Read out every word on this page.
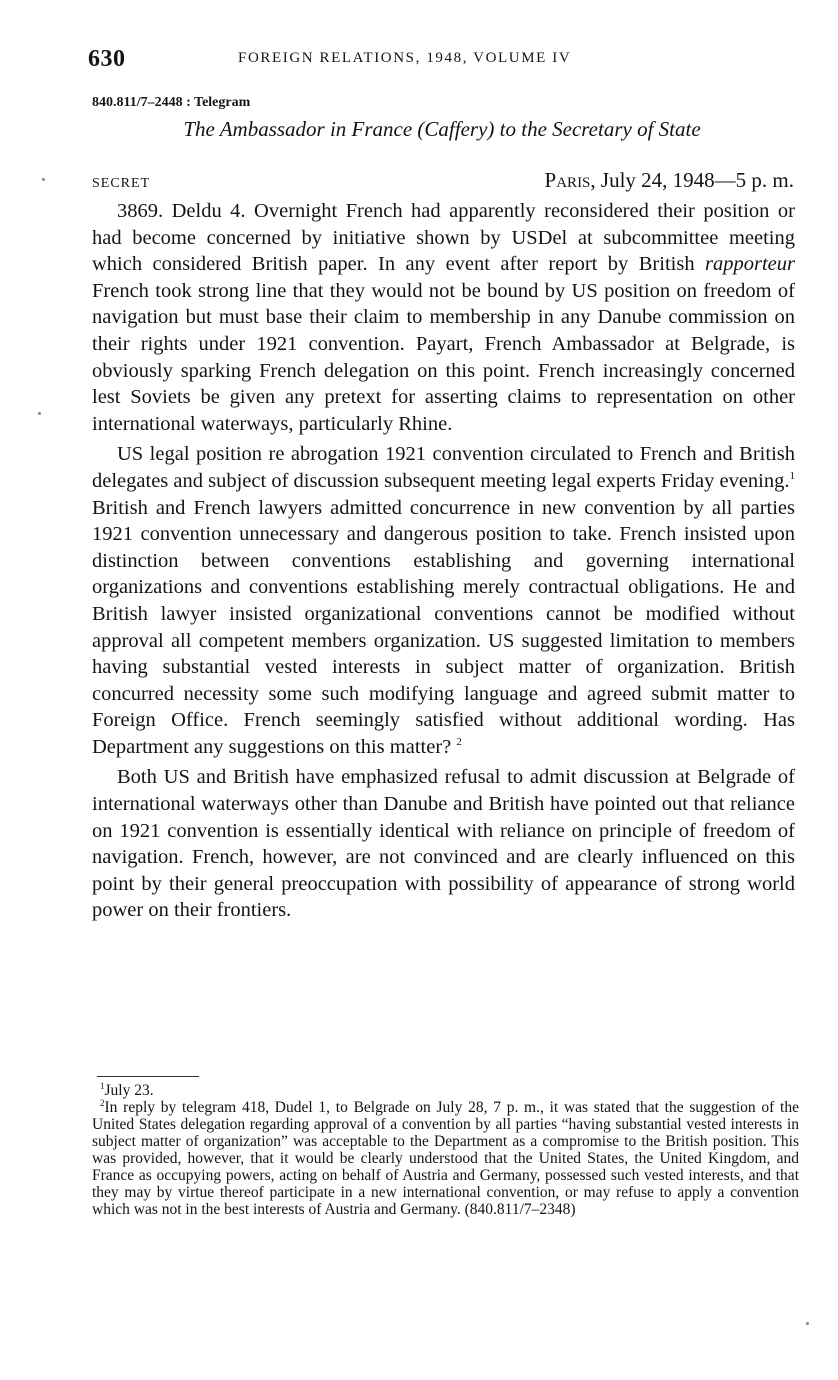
630	FOREIGN RELATIONS, 1948, VOLUME IV
840.811/7–2448 : Telegram
The Ambassador in France (Caffery) to the Secretary of State
SECRET	Paris, July 24, 1948—5 p. m.

3869. Deldu 4. Overnight French had apparently reconsidered their position or had become concerned by initiative shown by USDel at subcommittee meeting which considered British paper. In any event after report by British rapporteur French took strong line that they would not be bound by US position on freedom of navigation but must base their claim to membership in any Danube commission on their rights under 1921 convention. Payart, French Ambassador at Belgrade, is obviously sparking French delegation on this point. French increasingly concerned lest Soviets be given any pretext for asserting claims to representation on other international waterways, particularly Rhine.

US legal position re abrogation 1921 convention circulated to French and British delegates and subject of discussion subsequent meeting legal experts Friday evening.$^1$ British and French lawyers admitted concurrence in new convention by all parties 1921 convention unnecessary and dangerous position to take. French insisted upon distinction between conventions establishing and governing international organizations and conventions establishing merely contractual obligations. He and British lawyer insisted organizational conventions cannot be modified without approval all competent members organization. US suggested limitation to members having substantial vested interests in subject matter of organization. British concurred necessity some such modifying language and agreed submit matter to Foreign Office. French seemingly satisfied without additional wording. Has Department any suggestions on this matter? $^2$

Both US and British have emphasized refusal to admit discussion at Belgrade of international waterways other than Danube and British have pointed out that reliance on 1921 convention is essentially identical with reliance on principle of freedom of navigation. French, however, are not convinced and are clearly influenced on this point by their general preoccupation with possibility of appearance of strong world power on their frontiers.

$^1$July 23.

$^2$In reply by telegram 418, Dudel 1, to Belgrade on July 28, 7 p. m., it was stated that the suggestion of the United States delegation regarding approval of a convention by all parties “having substantial vested interests in subject matter of organization” was acceptable to the Department as a compromise to the British position. This was provided, however, that it would be clearly understood that the United States, the United Kingdom, and France as occupying powers, acting on behalf of Austria and Germany, possessed such vested interests, and that they may by virtue thereof participate in a new international convention, or may refuse to apply a convention which was not in the best interests of Austria and Germany. (840.811/7–2348)
